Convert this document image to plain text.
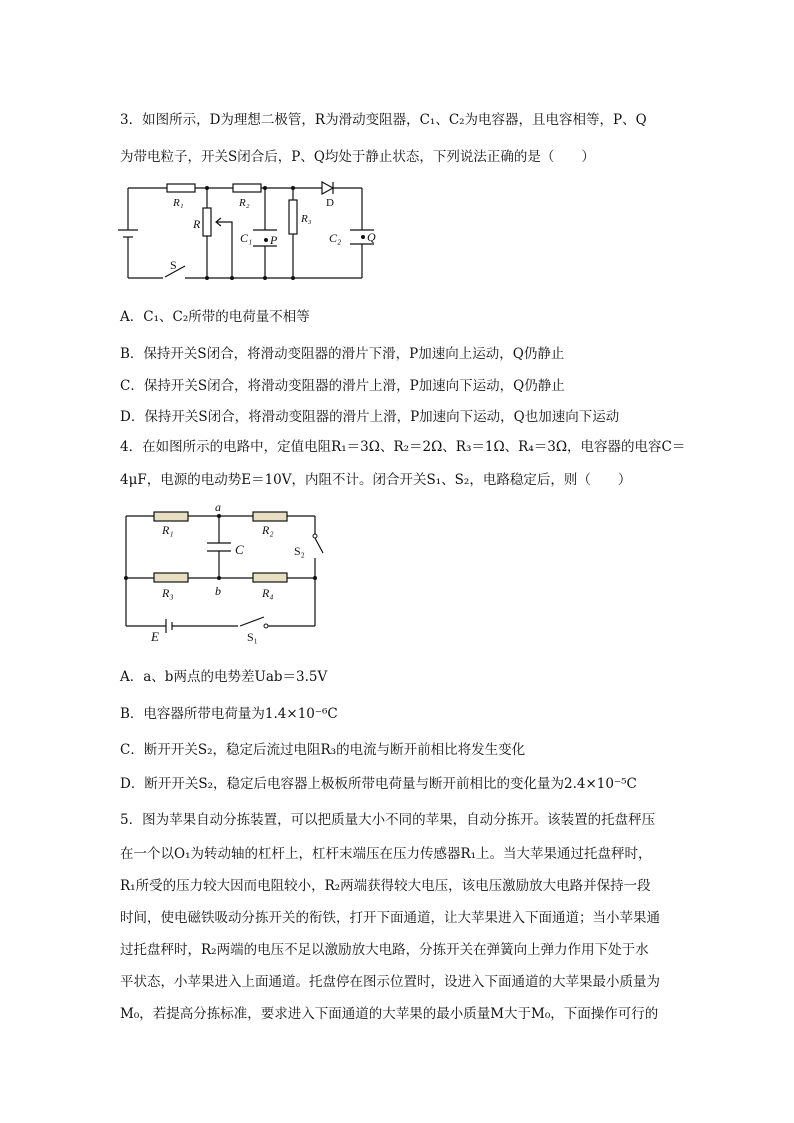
3．如图所示，D为理想二极管，R为滑动变阻器，C₁、C₂为电容器，且电容相等，P、Q
为带电粒子，开关S闭合后，P、Q均处于静止状态，下列说法正确的是（　　）
R₁	R₂
R	R₃
D
C₁ P	C₂ Q
S
A．C₁、C₂所带的电荷量不相等
B．保持开关S闭合，将滑动变阻器的滑片下滑，P加速向上运动，Q仍静止
C．保持开关S闭合，将滑动变阻器的滑片上滑，P加速向下运动，Q仍静止
D．保持开关S闭合，将滑动变阻器的滑片上滑，P加速向下运动，Q也加速向下运动
4．在如图所示的电路中，定值电阻R₁＝3Ω、R₂＝2Ω、R₃＝1Ω、R₄＝3Ω，电容器的电容C＝
4μF，电源的电动势E＝10V，内阻不计。闭合开关S₁、S₂，电路稳定后，则（　　）
a
b
R₁	R₂
R₃	R₄
C	S₂
S₁
E
A．a、b两点的电势差Uab＝3.5V
B．电容器所带电荷量为1.4×10⁻⁶C
C．断开开关S₂，稳定后流过电阻R₃的电流与断开前相比将发生变化
D．断开开关S₂，稳定后电容器上极板所带电荷量与断开前相比的变化量为2.4×10⁻⁵C
5．图为苹果自动分拣装置，可以把质量大小不同的苹果，自动分拣开。该装置的托盘秤压
在一个以O₁为转动轴的杠杆上，杠杆末端压在压力传感器R₁上。当大苹果通过托盘秤时，
R₁所受的压力较大因而电阻较小，R₂两端获得较大电压，该电压激励放大电路并保持一段
时间，使电磁铁吸动分拣开关的衔铁，打开下面通道，让大苹果进入下面通道；当小苹果通
过托盘秤时，R₂两端的电压不足以激励放大电路，分拣开关在弹簧向上弹力作用下处于水
平状态，小苹果进入上面通道。托盘停在图示位置时，设进入下面通道的大苹果最小质量为
M₀，若提高分拣标准，要求进入下面通道的大苹果的最小质量M大于M₀，下面操作可行的
